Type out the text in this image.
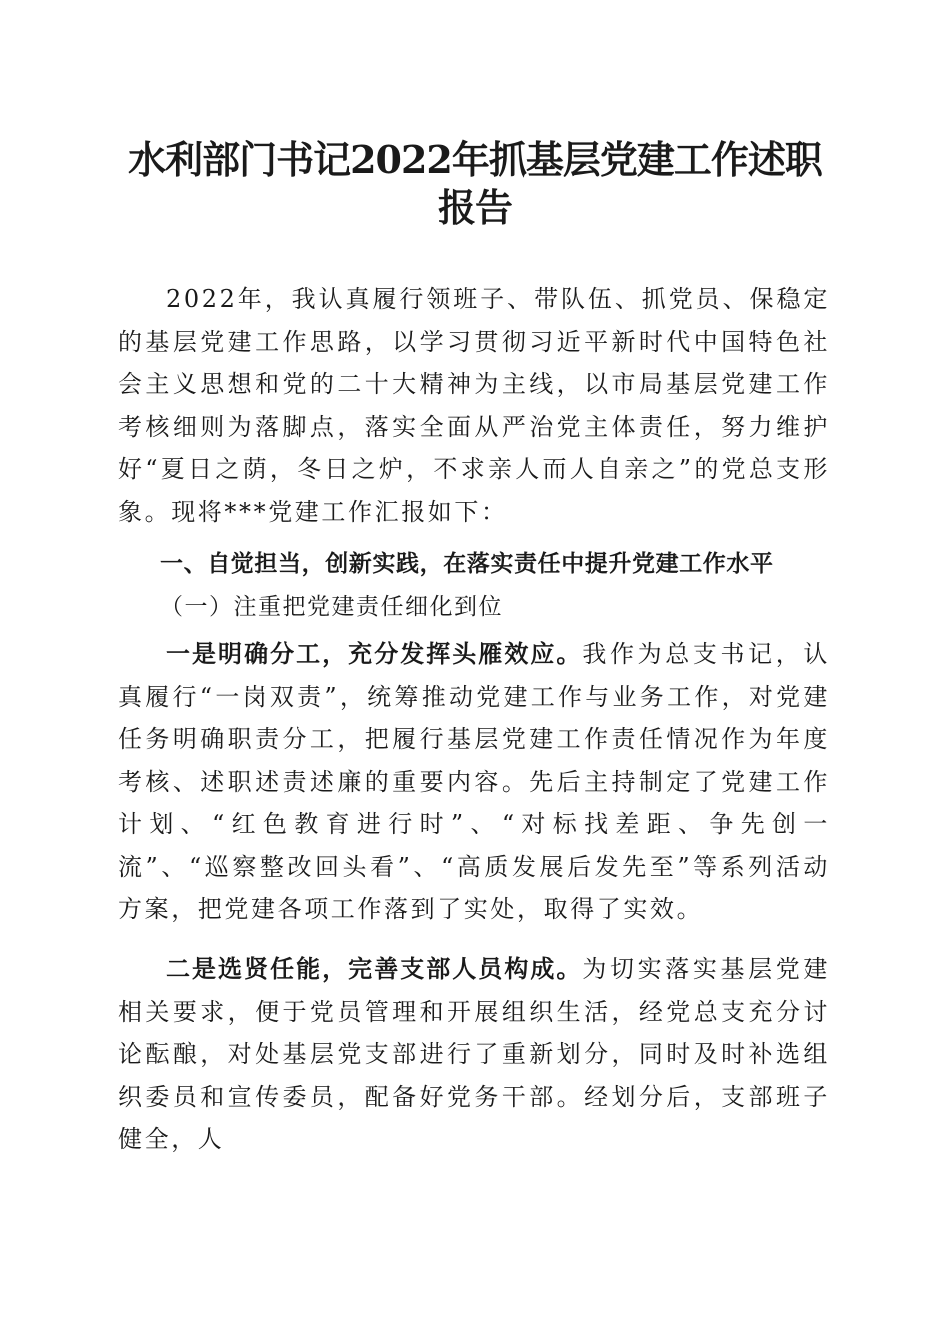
水利部门书记2022年抓基层党建工作述职报告
2022年，我认真履行领班子、带队伍、抓党员、保稳定的基层党建工作思路，以学习贯彻习近平新时代中国特色社会主义思想和党的二十大精神为主线，以市局基层党建工作考核细则为落脚点，落实全面从严治党主体责任，努力维护好“夏日之荫，冬日之炉，不求亲人而人自亲之”的党总支形象。现将***党建工作汇报如下：
一、自觉担当，创新实践，在落实责任中提升党建工作水平
（一）注重把党建责任细化到位
一是明确分工，充分发挥头雁效应。我作为总支书记，认真履行“一岗双责”，统筹推动党建工作与业务工作，对党建任务明确职责分工，把履行基层党建工作责任情况作为年度考核、述职述责述廉的重要内容。先后主持制定了党建工作计划、“红色教育进行时”、“对标找差距、争先创一流”、“巡察整改回头看”、“高质发展后发先至”等系列活动方案，把党建各项工作落到了实处，取得了实效。
二是选贤任能，完善支部人员构成。为切实落实基层党建相关要求，便于党员管理和开展组织生活，经党总支充分讨论酝酿，对处基层党支部进行了重新划分，同时及时补选组织委员和宣传委员，配备好党务干部。经划分后，支部班子健全，人
